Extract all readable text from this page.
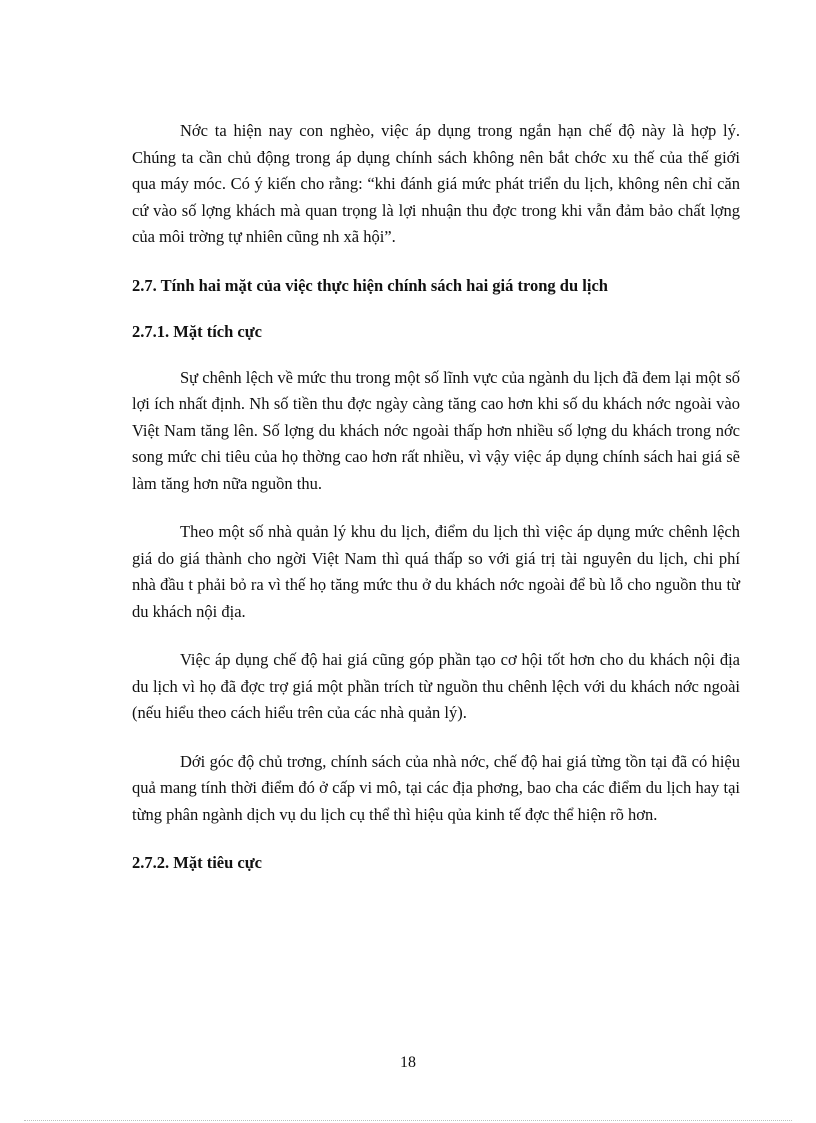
Nớc ta hiện nay con nghèo, việc áp dụng trong ngắn hạn chế độ này là hợp lý. Chúng ta cần chủ động trong áp dụng chính sách không nên bắt chớc xu thế của thế giới qua máy móc. Có ý kiến cho rằng: “khi đánh giá mức phát triển du lịch, không nên chỉ căn cứ vào số lợng khách mà quan trọng là lợi nhuận thu đợc trong khi vẫn đảm bảo chất lợng của môi trờng tự nhiên cũng nh xã hội”.

2.7. Tính hai mặt của việc thực hiện chính sách hai giá trong du lịch
2.7.1. Mặt tích cực

Sự chênh lệch về mức thu trong một số lĩnh vực của ngành du lịch đã đem lại một số lợi ích nhất định. Nh số tiền thu đợc ngày càng tăng cao hơn khi số du khách nớc ngoài vào Việt Nam tăng lên. Số lợng du khách nớc ngoài thấp hơn nhiều số lợng du khách trong nớc song mức chi tiêu của họ thờng cao hơn rất nhiều, vì vậy việc áp dụng chính sách hai giá sẽ làm tăng hơn nữa nguồn thu.

Theo một số nhà quản lý khu du lịch, điểm du lịch thì việc áp dụng mức chênh lệch giá do giá thành cho ngời Việt Nam thì quá thấp so với giá trị tài nguyên du lịch, chi phí nhà đầu t phải bỏ ra vì thế họ tăng mức thu ở du khách nớc ngoài để bù lỗ cho nguồn thu từ du khách nội địa.

Việc áp dụng chế độ hai giá cũng góp phần tạo cơ hội tốt hơn cho du khách nội địa du lịch vì họ đã đợc trợ giá một phần trích từ nguồn thu chênh lệch với du khách nớc ngoài (nếu hiểu theo cách hiểu trên của các nhà quản lý).

Dới góc độ chủ trơng, chính sách của nhà nớc, chế độ hai giá từng tồn tại đã có hiệu quả mang tính thời điểm đó ở cấp vi mô, tại các địa phơng, bao cha các điểm du lịch hay tại từng phân ngành dịch vụ du lịch cụ thể thì hiệu qủa kinh tế đợc thể hiện rõ hơn.

2.7.2. Mặt tiêu cực
18
